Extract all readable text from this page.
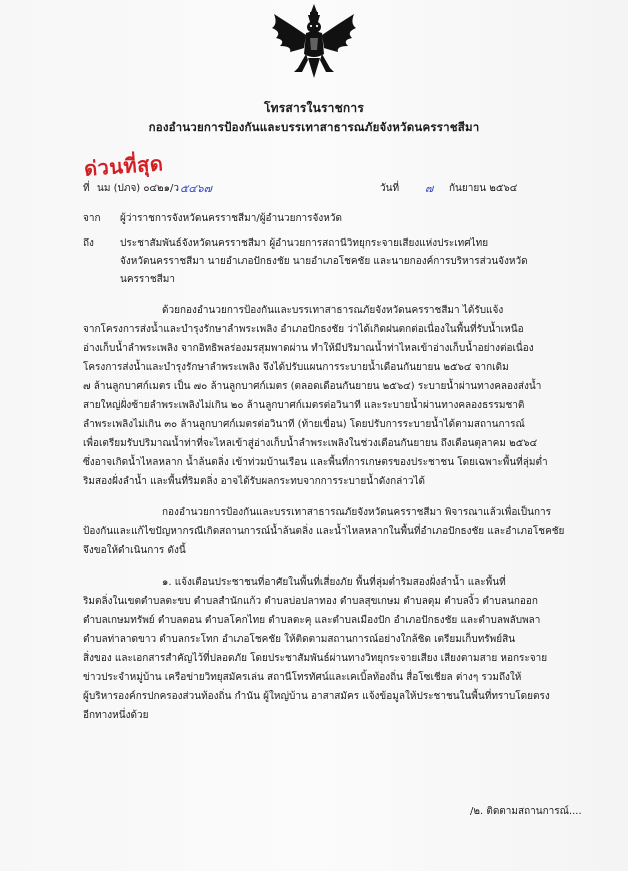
โทรสารในราชการ
กองอำนวยการป้องกันและบรรเทาสาธารณภัยจังหวัดนครราชสีมา
ด่วนที่สุด
ที่ นม (ปภจ) ๐๔๒๑/ว ๕๔๖๗	วันที่ ๗ กันยายน ๒๕๖๔
จาก ผู้ว่าราชการจังหวัดนครราชสีมา/ผู้อำนวยการจังหวัด
ถึง	ประชาสัมพันธ์จังหวัดนครราชสีมา ผู้อำนวยการสถานีวิทยุกระจายเสียงแห่งประเทศไทย
จังหวัดนครราชสีมา นายอำเภอปักธงชัย นายอำเภอโชคชัย และนายกองค์การบริหารส่วนจังหวัด
นครราชสีมา
ด้วยกองอำนวยการป้องกันและบรรเทาสาธารณภัยจังหวัดนครราชสีมา ได้รับแจ้ง
จากโครงการส่งน้ำและบำรุงรักษาลำพระเพลิง อำเภอปักธงชัย ว่าได้เกิดฝนตกต่อเนื่องในพื้นที่รับน้ำเหนือ
อ่างเก็บน้ำลำพระเพลิง จากอิทธิพลร่องมรสุมพาดผ่าน ทำให้มีปริมาณน้ำท่าไหลเข้าอ่างเก็บน้ำอย่างต่อเนื่อง
โครงการส่งน้ำและบำรุงรักษาลำพระเพลิง จึงได้ปรับแผนการระบายน้ำเดือนกันยายน ๒๕๖๔ จากเดิม
๗ ล้านลูกบาศก์เมตร เป็น ๗๐ ล้านลูกบาศก์เมตร (ตลอดเดือนกันยายน ๒๕๖๔) ระบายน้ำผ่านทางคลองส่งน้ำ
สายใหญ่ฝั่งซ้ายลำพระเพลิงไม่เกิน ๒๐ ล้านลูกบาศก์เมตรต่อวินาที และระบายน้ำผ่านทางคลองธรรมชาติ
ลำพระเพลิงไม่เกิน ๓๐ ล้านลูกบาศก์เมตรต่อวินาที (ท้ายเขื่อน) โดยปรับการระบายน้ำได้ตามสถานการณ์
เพื่อเตรียมรับปริมาณน้ำท่าที่จะไหลเข้าสู่อ่างเก็บน้ำลำพระเพลิงในช่วงเดือนกันยายน ถึงเดือนตุลาคม ๒๕๖๔
ซึ่งอาจเกิดน้ำไหลหลาก น้ำล้นตลิ่ง เข้าท่วมบ้านเรือน และพื้นที่การเกษตรของประชาชน โดยเฉพาะพื้นที่ลุ่มต่ำ
ริมสองฝั่งลำน้ำ และพื้นที่ริมตลิ่ง อาจได้รับผลกระทบจากการระบายน้ำดังกล่าวได้
กองอำนวยการป้องกันและบรรเทาสาธารณภัยจังหวัดนครราชสีมา พิจารณาแล้วเพื่อเป็นการ
ป้องกันและแก้ไขปัญหากรณีเกิดสถานการณ์น้ำล้นตลิ่ง และน้ำไหลหลากในพื้นที่อำเภอปักธงชัย และอำเภอโชคชัย
จึงขอให้ดำเนินการ ดังนี้
๑. แจ้งเตือนประชาชนที่อาศัยในพื้นที่เสี่ยงภัย พื้นที่ลุ่มต่ำริมสองฝั่งลำน้ำ และพื้นที่
ริมตลิ่งในเขตตำบลตะขบ ตำบลสำนักแก้ว ตำบลบ่อปลาทอง ตำบลสุขเกษม ตำบลดุม ตำบลงิ้ว ตำบลนกออก
ตำบลเกษมทรัพย์ ตำบลตอน ตำบลโคกไทย ตำบลตะคุ และตำบลเมืองปัก อำเภอปักธงชัย และตำบลพลับพลา
ตำบลท่าลาดขาว ตำบลกระโทก อำเภอโชคชัย ให้ติดตามสถานการณ์อย่างใกล้ชิด เตรียมเก็บทรัพย์สิน
สิ่งของ และเอกสารสำคัญไว้ที่ปลอดภัย โดยประชาสัมพันธ์ผ่านทางวิทยุกระจายเสียง เสียงตามสาย หอกระจาย
ข่าวประจำหมู่บ้าน เครือข่ายวิทยุสมัครเล่น สถานีโทรทัศน์และเคเบิ้ลท้องถิ่น สื่อโซเชียล ต่างๆ รวมถึงให้
ผู้บริหารองค์กรปกครองส่วนท้องถิ่น กำนัน ผู้ใหญ่บ้าน อาสาสมัคร แจ้งข้อมูลให้ประชาชนในพื้นที่ทราบโดยตรง
อีกทางหนึ่งด้วย
/๒. ติดตามสถานการณ์....
